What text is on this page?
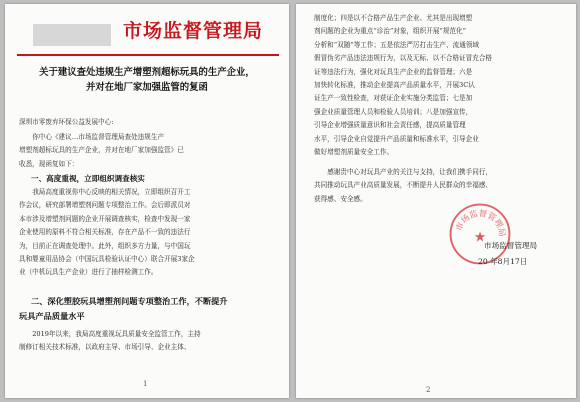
市场监督管理局
关于建议查处违规生产增塑剂超标玩具的生产企业，
并对在地厂家加强监管的复函
深圳市零废弃环保公益发展中心:
你中心《建议…市场监督管理局查处违规生产
增塑剂超标玩具的生产企业，并对在地厂家加强监管》已
收悉，现函复如下：
一、高度重视，立即组织调查核实
我局高度重视你中心反映的相关情况，立即组织召开工
作会议，研究部署增塑剂问题专项整治工作。会后即派员对
本市涉及增塑剂问题的企业开展调查核实，检查中发现一家
企业使用的原料不符合相关标准，存在产品不一致的违法行
为，目前正在调查处理中。此外，组织多方力量，与中国玩
具和婴童用品协会（中国玩具检验认证中心）联合开展3家企
业（中机玩具生产企业）进行了抽样检测工作。
二、深化塑胶玩具增塑剂问题专项整治工作，不断提升
玩具产品质量水平
2019年以来，我局高度重视玩具质量安全监管工作，主持
制修订相关技术标准，以政府主导、市场引导、企业主体、
1
制度化；四是以不合格产品生产企业、尤其是出现增塑
剂问题的企业为重点“诊治”对象，组织开展“规范化”
分析和“双随”等工作；五是依法严厉打击生产、流通领域
假冒伪劣产品违法违规行为，以及无标、以不合格证冒充合格
证等违法行为，强化对玩具生产企业的监督管理；六是
加快转化标准，推动企业提高产品质量水平，开展3C认
证生产一致性检查，对获证企业实施分类监管；七是加
强企业质量管理人员和检验人员培训；八是加强宣传，
引导企业增强质量意识和社会责任感，提高质量管理
水平，引导企业自觉提升产品质量和标准水平，引导企业
做好增塑剂质量安全工作。
感谢贵中心对玩具产业的关注与支持，让我们携手同行，
共同推动玩具产业高质量发展，不断提升人民群众的幸福感、
获得感、安全感。
市场监督管理局
★
市场监督管理局
20 年8月17日
2
